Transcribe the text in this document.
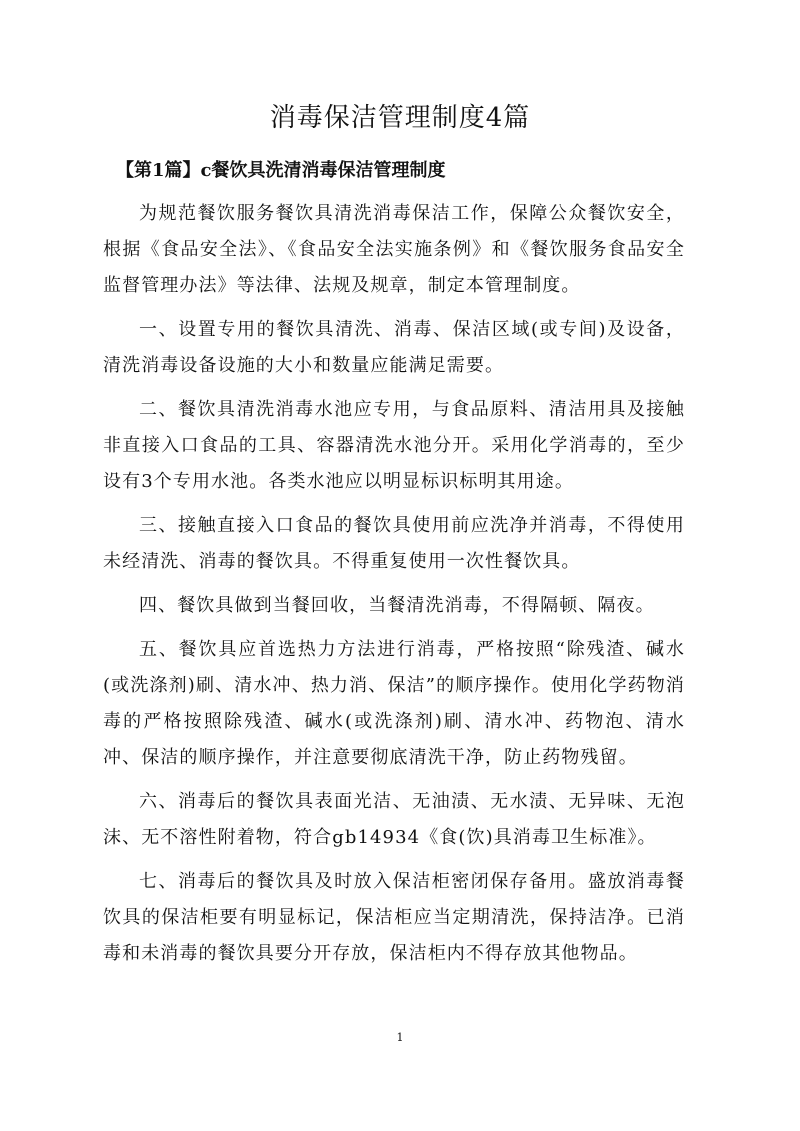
消毒保洁管理制度4篇
【第1篇】c餐饮具洗清消毒保洁管理制度

为规范餐饮服务餐饮具清洗消毒保洁工作，保障公众餐饮安全，根据《食品安全法》、《食品安全法实施条例》和《餐饮服务食品安全监督管理办法》等法律、法规及规章，制定本管理制度。

一、设置专用的餐饮具清洗、消毒、保洁区域(或专间)及设备，清洗消毒设备设施的大小和数量应能满足需要。

二、餐饮具清洗消毒水池应专用，与食品原料、清洁用具及接触非直接入口食品的工具、容器清洗水池分开。采用化学消毒的，至少设有3个专用水池。各类水池应以明显标识标明其用途。

三、接触直接入口食品的餐饮具使用前应洗净并消毒，不得使用未经清洗、消毒的餐饮具。不得重复使用一次性餐饮具。

四、餐饮具做到当餐回收，当餐清洗消毒，不得隔顿、隔夜。

五、餐饮具应首选热力方法进行消毒，严格按照“除残渣、碱水(或洗涤剂)刷、清水冲、热力消、保洁”的顺序操作。使用化学药物消毒的严格按照除残渣、碱水(或洗涤剂)刷、清水冲、药物泡、清水冲、保洁的顺序操作，并注意要彻底清洗干净，防止药物残留。

六、消毒后的餐饮具表面光洁、无油渍、无水渍、无异味、无泡沫、无不溶性附着物，符合gb14934《食(饮)具消毒卫生标准》。

七、消毒后的餐饮具及时放入保洁柜密闭保存备用。盛放消毒餐饮具的保洁柜要有明显标记，保洁柜应当定期清洗，保持洁净。已消毒和未消毒的餐饮具要分开存放，保洁柜内不得存放其他物品。

1
